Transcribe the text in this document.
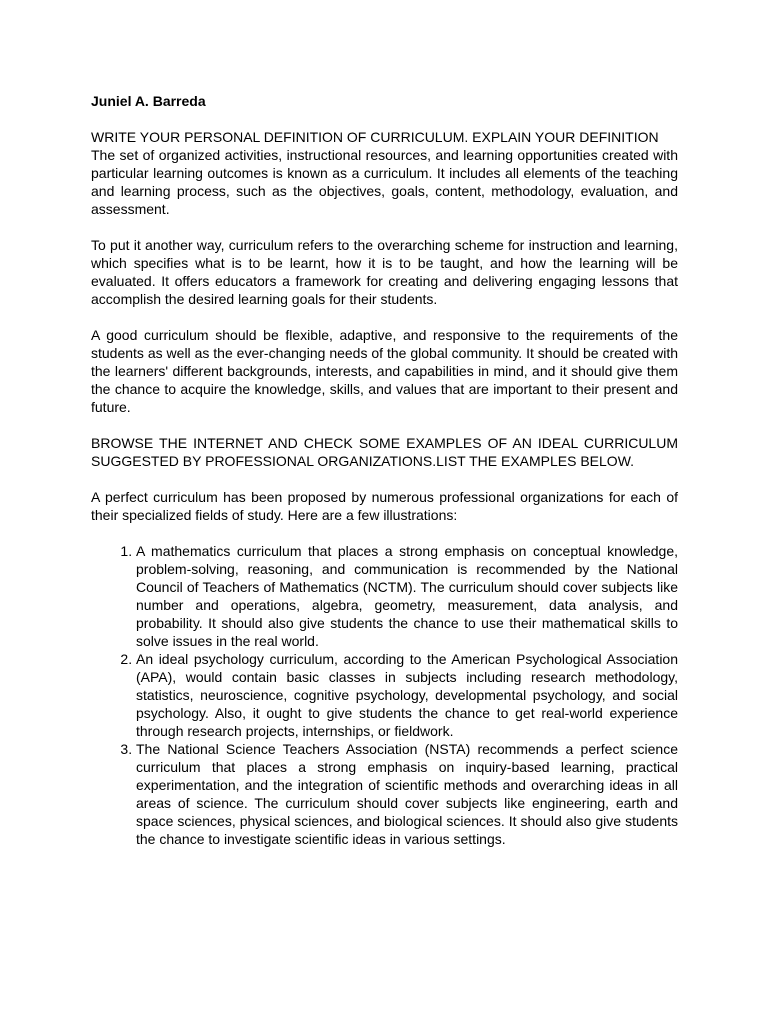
Juniel A. Barreda
WRITE YOUR PERSONAL DEFINITION OF CURRICULUM. EXPLAIN YOUR DEFINITION

The set of organized activities, instructional resources, and learning opportunities created with particular learning outcomes is known as a curriculum. It includes all elements of the teaching and learning process, such as the objectives, goals, content, methodology, evaluation, and assessment.

To put it another way, curriculum refers to the overarching scheme for instruction and learning, which specifies what is to be learnt, how it is to be taught, and how the learning will be evaluated. It offers educators a framework for creating and delivering engaging lessons that accomplish the desired learning goals for their students.

A good curriculum should be flexible, adaptive, and responsive to the requirements of the students as well as the ever-changing needs of the global community. It should be created with the learners' different backgrounds, interests, and capabilities in mind, and it should give them the chance to acquire the knowledge, skills, and values that are important to their present and future.

BROWSE THE INTERNET AND CHECK SOME EXAMPLES OF AN IDEAL CURRICULUM SUGGESTED BY PROFESSIONAL ORGANIZATIONS.LIST THE EXAMPLES BELOW.

A perfect curriculum has been proposed by numerous professional organizations for each of their specialized fields of study. Here are a few illustrations:

1. A mathematics curriculum that places a strong emphasis on conceptual knowledge, problem-solving, reasoning, and communication is recommended by the National Council of Teachers of Mathematics (NCTM). The curriculum should cover subjects like number and operations, algebra, geometry, measurement, data analysis, and probability. It should also give students the chance to use their mathematical skills to solve issues in the real world.
2. An ideal psychology curriculum, according to the American Psychological Association (APA), would contain basic classes in subjects including research methodology, statistics, neuroscience, cognitive psychology, developmental psychology, and social psychology. Also, it ought to give students the chance to get real-world experience through research projects, internships, or fieldwork.
3. The National Science Teachers Association (NSTA) recommends a perfect science curriculum that places a strong emphasis on inquiry-based learning, practical experimentation, and the integration of scientific methods and overarching ideas in all areas of science. The curriculum should cover subjects like engineering, earth and space sciences, physical sciences, and biological sciences. It should also give students the chance to investigate scientific ideas in various settings.
